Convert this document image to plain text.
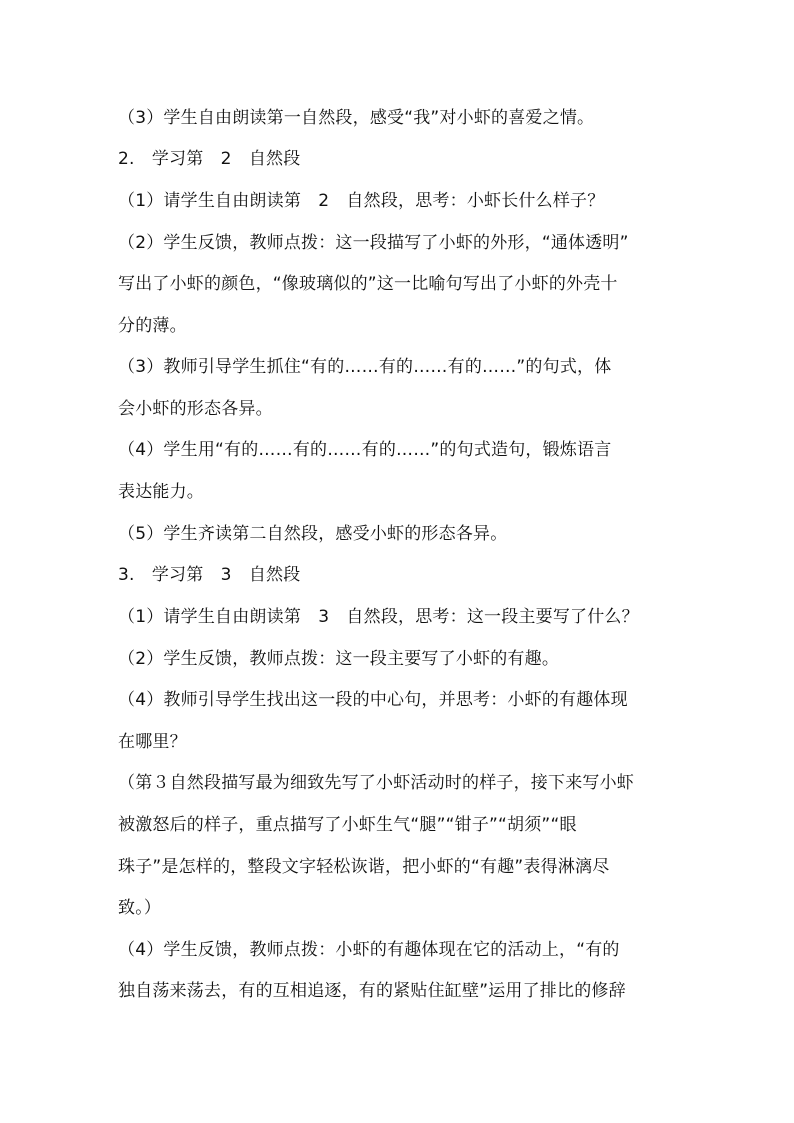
（3）学生自由朗读第一自然段，感受“我”对小虾的喜爱之情。
2.　学习第　2　自然段
（1）请学生自由朗读第　2　自然段，思考：小虾长什么样子？
（2）学生反馈，教师点拨：这一段描写了小虾的外形，“通体透明”
写出了小虾的颜色，“像玻璃似的”这一比喻句写出了小虾的外壳十
分的薄。
（3）教师引导学生抓住“有的……有的……有的……”的句式，体
会小虾的形态各异。
（4）学生用“有的……有的……有的……”的句式造句，锻炼语言
表达能力。
（5）学生齐读第二自然段，感受小虾的形态各异。
3.　学习第　3　自然段
（1）请学生自由朗读第　3　自然段，思考：这一段主要写了什么？
（2）学生反馈，教师点拨：这一段主要写了小虾的有趣。
（4）教师引导学生找出这一段的中心句，并思考：小虾的有趣体现
在哪里？
（第３自然段描写最为细致先写了小虾活动时的样子，接下来写小虾
被激怒后的样子，重点描写了小虾生气“腿”“钳子”“胡须”“眼
珠子”是怎样的，整段文字轻松诙谐，把小虾的“有趣”表得淋漓尽
致。）
（4）学生反馈，教师点拨：小虾的有趣体现在它的活动上，“有的
独自荡来荡去，有的互相追逐，有的紧贴住缸壁”运用了排比的修辞
